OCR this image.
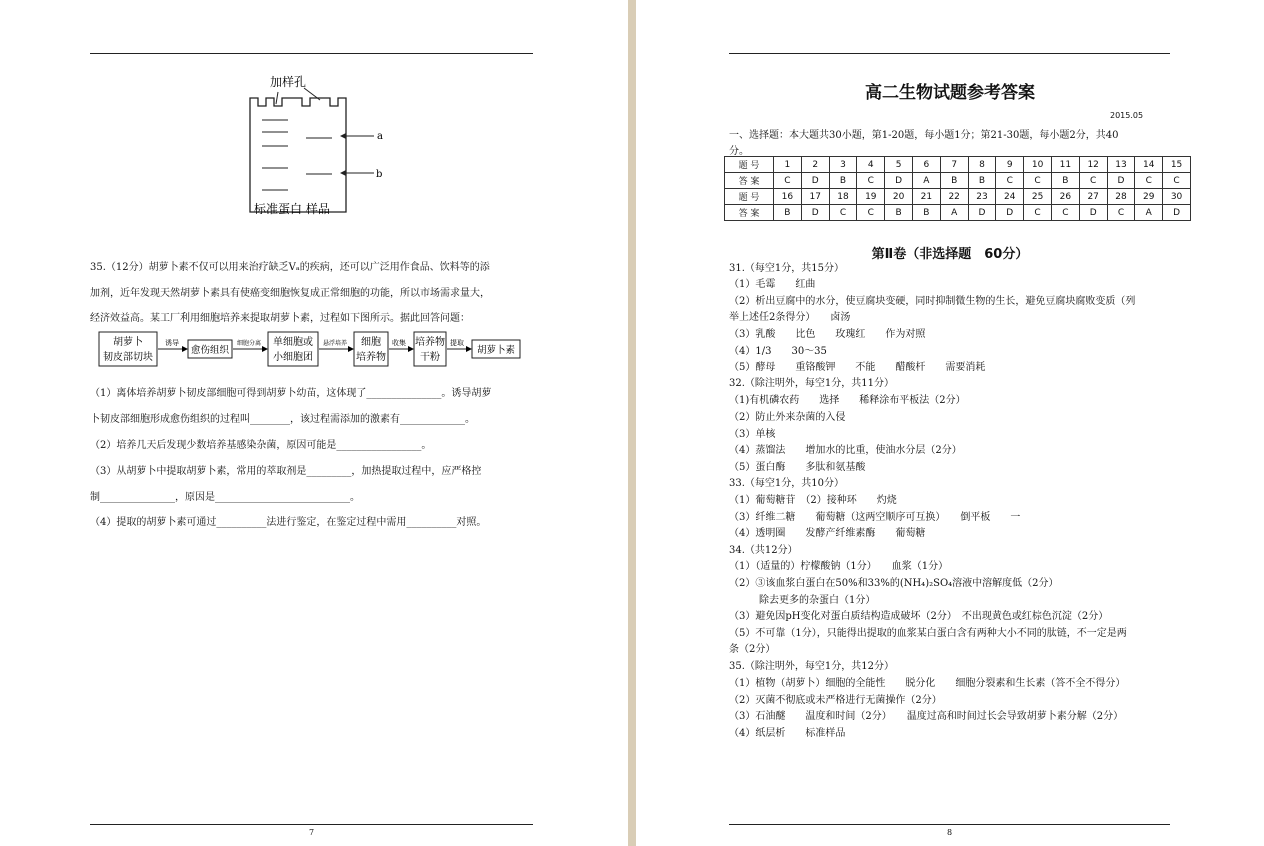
加样孔
a
b
标准蛋白 样品
35.（12分）胡萝卜素不仅可以用来治疗缺乏Vₐ的疾病，还可以广泛用作食品、饮料等的添
加剂，近年发现天然胡萝卜素具有使癌变细胞恢复成正常细胞的功能，所以市场需求量大，
经济效益高。某工厂利用细胞培养来提取胡萝卜素，过程如下图所示。据此回答问题：
胡萝卜
韧皮部切块
诱导
愈伤组织
细胞分离 单细胞或
小细胞团
悬浮培养 细胞
培养物
收集 培养物
干粉
提取
胡萝卜素
（1）离体培养胡萝卜韧皮部细胞可得到胡萝卜幼苗，这体现了_______________。诱导胡萝
卜韧皮部细胞形成愈伤组织的过程叫________，该过程需添加的激素有_____________。
（2）培养几天后发现少数培养基感染杂菌，原因可能是_________________。
（3）从胡萝卜中提取胡萝卜素，常用的萃取剂是_________，加热提取过程中，应严格控
制_______________，原因是___________________________。
（4）提取的胡萝卜素可通过__________法进行鉴定，在鉴定过程中需用__________对照。
7
高二生物试题参考答案
2015.05
一、选择题：本大题共30小题，第1-20题，每小题1分；第21-30题，每小题2分，共40
分。
题 号	1	2	3	4	5	6	7	8	9	10	11	12	13	14	15
答 案	C	D	B	C	D	A	B	B	C	C	B	C	D	C	C
题 号	16	17	18	19	20	21	22	23	24	25	26	27	28	29	30
答 案	B	D	C	C	B	B	A	D	D	C	C	D	C	A	D
第Ⅱ卷（非选择题　60分）
31.（每空1分，共15分）
（1）毛霉　　红曲
（2）析出豆腐中的水分，使豆腐块变硬，同时抑制微生物的生长，避免豆腐块腐败变质（列
举上述任2条得分）　　卤汤
（3）乳酸　　比色　　玫瑰红　　作为对照
（4）1/3　　30～35
（5）酵母　　重铬酸钾　　不能　　醋酸杆　　需要消耗
32.（除注明外，每空1分，共11分）
（1)有机磷农药　　选择　　稀释涂布平板法（2分）
（2）防止外来杂菌的入侵
（3）单核
（4）蒸馏法　　增加水的比重，使油水分层（2分）
（5）蛋白酶　　多肽和氨基酸
33.（每空1分，共10分）
（1）葡萄糖苷　（2）接种环　　灼烧
（3）纤维二糖　　葡萄糖（这两空顺序可互换）　　倒平板　　一
（4）透明圈　　发酵产纤维素酶　　葡萄糖
34.（共12分）
（1）（适量的）柠檬酸钠（1分）　　血浆（1分）
（2）③该血浆白蛋白在50%和33%的(NH₄)₂SO₄溶液中溶解度低（2分）
　　　除去更多的杂蛋白（1分）
（3）避免因pH变化对蛋白质结构造成破坏（2分）　不出现黄色或红棕色沉淀（2分）
（5）不可靠（1分），只能得出提取的血浆某白蛋白含有两种大小不同的肽链，不一定是两
条（2分）
35.（除注明外，每空1分，共12分）
（1）植物（胡萝卜）细胞的全能性　　脱分化　　细胞分裂素和生长素（答不全不得分）
（2）灭菌不彻底或未严格进行无菌操作（2分）
（3）石油醚　　温度和时间（2分）　　温度过高和时间过长会导致胡萝卜素分解（2分）
（4）纸层析　　标准样品
8
